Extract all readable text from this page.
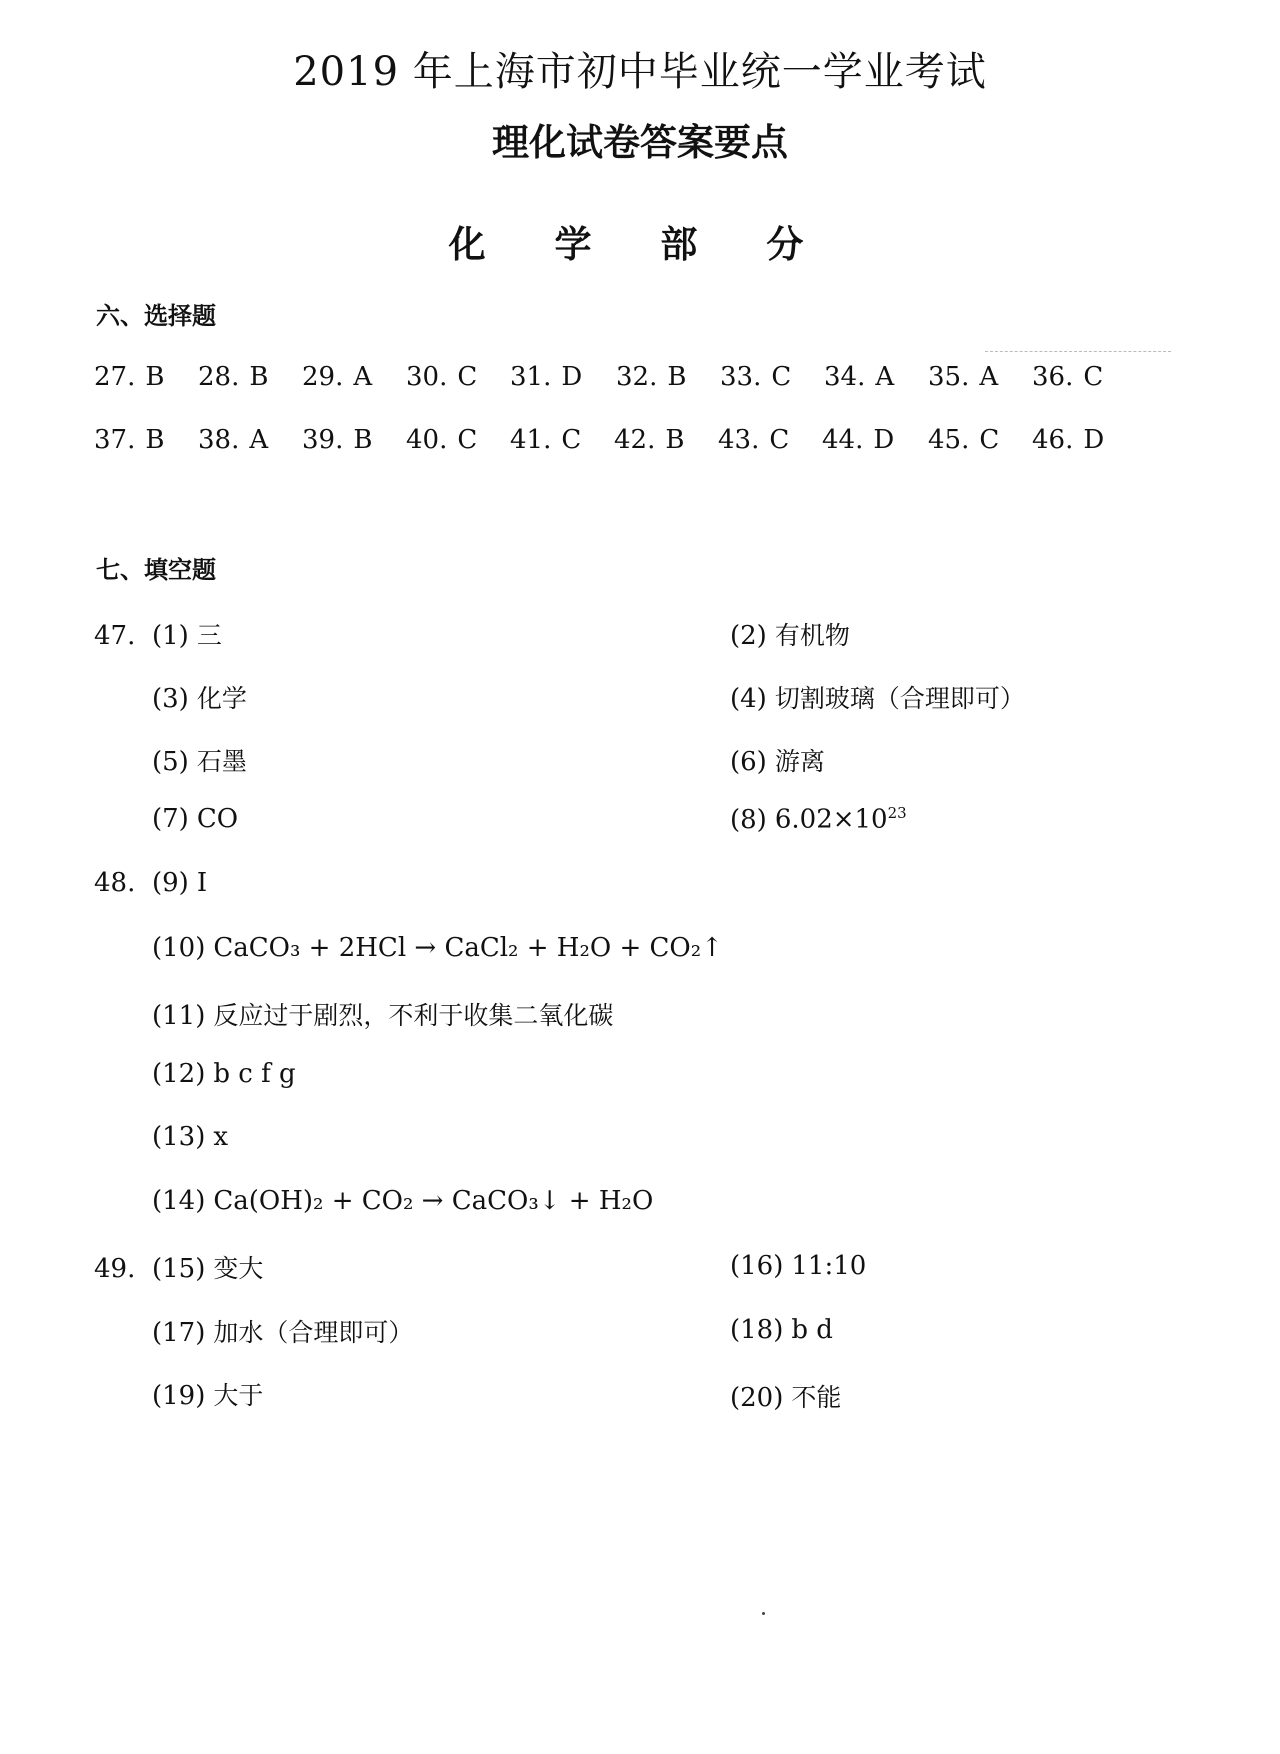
2019 年上海市初中毕业统一学业考试
理化试卷答案要点
化 学 部 分
六、选择题
27. B 28. B 29. A 30. C 31. D 32. B 33. C 34. A 35. A 36. C
37. B 38. A 39. B 40. C 41. C 42. B 43. C 44. D 45. C 46. D
七、填空题
47. (1) 三	(2) 有机物
(3) 化学	(4) 切割玻璃（合理即可）
(5) 石墨	(6) 游离
(7) CO	(8) $6.02\times 10^{23}$
48. (9) I
(10) CaCO₃ + 2HCl → CaCl₂ + H₂O + CO₂↑
(11) 反应过于剧烈，不利于收集二氧化碳
(12) b c f g
(13) x
(14) Ca(OH)₂ + CO₂ → CaCO₃↓ + H₂O
49. (15) 变大	(16) 11:10
(17) 加水（合理即可）	(18) b d
(19) 大于	(20) 不能
